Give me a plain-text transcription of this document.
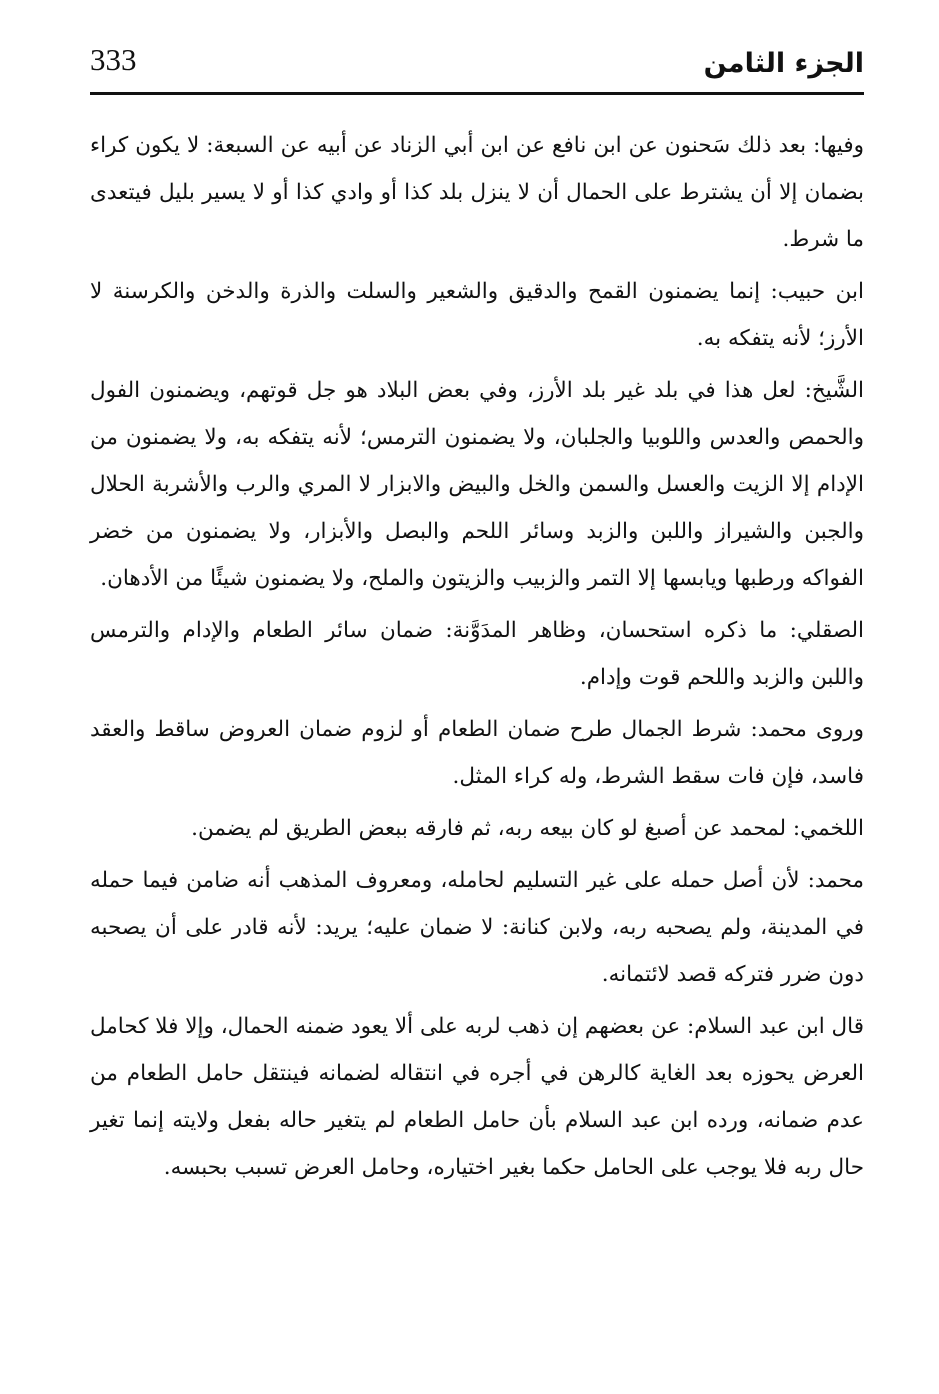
333	الجزء الثامن

وفيها: بعد ذلك سَحنون عن ابن نافع عن ابن أبي الزناد عن أبيه عن السبعة: لا يكون كراء بضمان إلا أن يشترط على الحمال أن لا ينزل بلد كذا أو وادي كذا أو لا يسير بليل فيتعدى ما شرط.

ابن حبيب: إنما يضمنون القمح والدقيق والشعير والسلت والذرة والدخن والكرسنة لا الأرز؛ لأنه يتفكه به.

الشَّيخ: لعل هذا في بلد غير بلد الأرز، وفي بعض البلاد هو جل قوتهم، ويضمنون الفول والحمص والعدس واللوبيا والجلبان، ولا يضمنون الترمس؛ لأنه يتفكه به، ولا يضمنون من الإدام إلا الزيت والعسل والسمن والخل والبيض والابزار لا المري والرب والأشربة الحلال والجبن والشيراز واللبن والزبد وسائر اللحم والبصل والأبزار، ولا يضمنون من خضر الفواكه ورطبها ويابسها إلا التمر والزبيب والزيتون والملح، ولا يضمنون شيئًا من الأدهان.

الصقلي: ما ذكره استحسان، وظاهر المدَوَّنة: ضمان سائر الطعام والإدام والترمس واللبن والزبد واللحم قوت وإدام.

وروى محمد: شرط الجمال طرح ضمان الطعام أو لزوم ضمان العروض ساقط والعقد فاسد، فإن فات سقط الشرط، وله كراء المثل.

اللخمي: لمحمد عن أصبغ لو كان بيعه ربه، ثم فارقه ببعض الطريق لم يضمن.

محمد: لأن أصل حمله على غير التسليم لحامله، ومعروف المذهب أنه ضامن فيما حمله في المدينة، ولم يصحبه ربه، ولابن كنانة: لا ضمان عليه؛ يريد: لأنه قادر على أن يصحبه دون ضرر فتركه قصد لائتمانه.

قال ابن عبد السلام: عن بعضهم إن ذهب لربه على ألا يعود ضمنه الحمال، وإلا فلا كحامل العرض يحوزه بعد الغاية كالرهن في أجره في انتقاله لضمانه فينتقل حامل الطعام من عدم ضمانه، ورده ابن عبد السلام بأن حامل الطعام لم يتغير حاله بفعل ولايته إنما تغير حال ربه فلا يوجب على الحامل حكما بغير اختياره، وحامل العرض تسبب بحبسه.
